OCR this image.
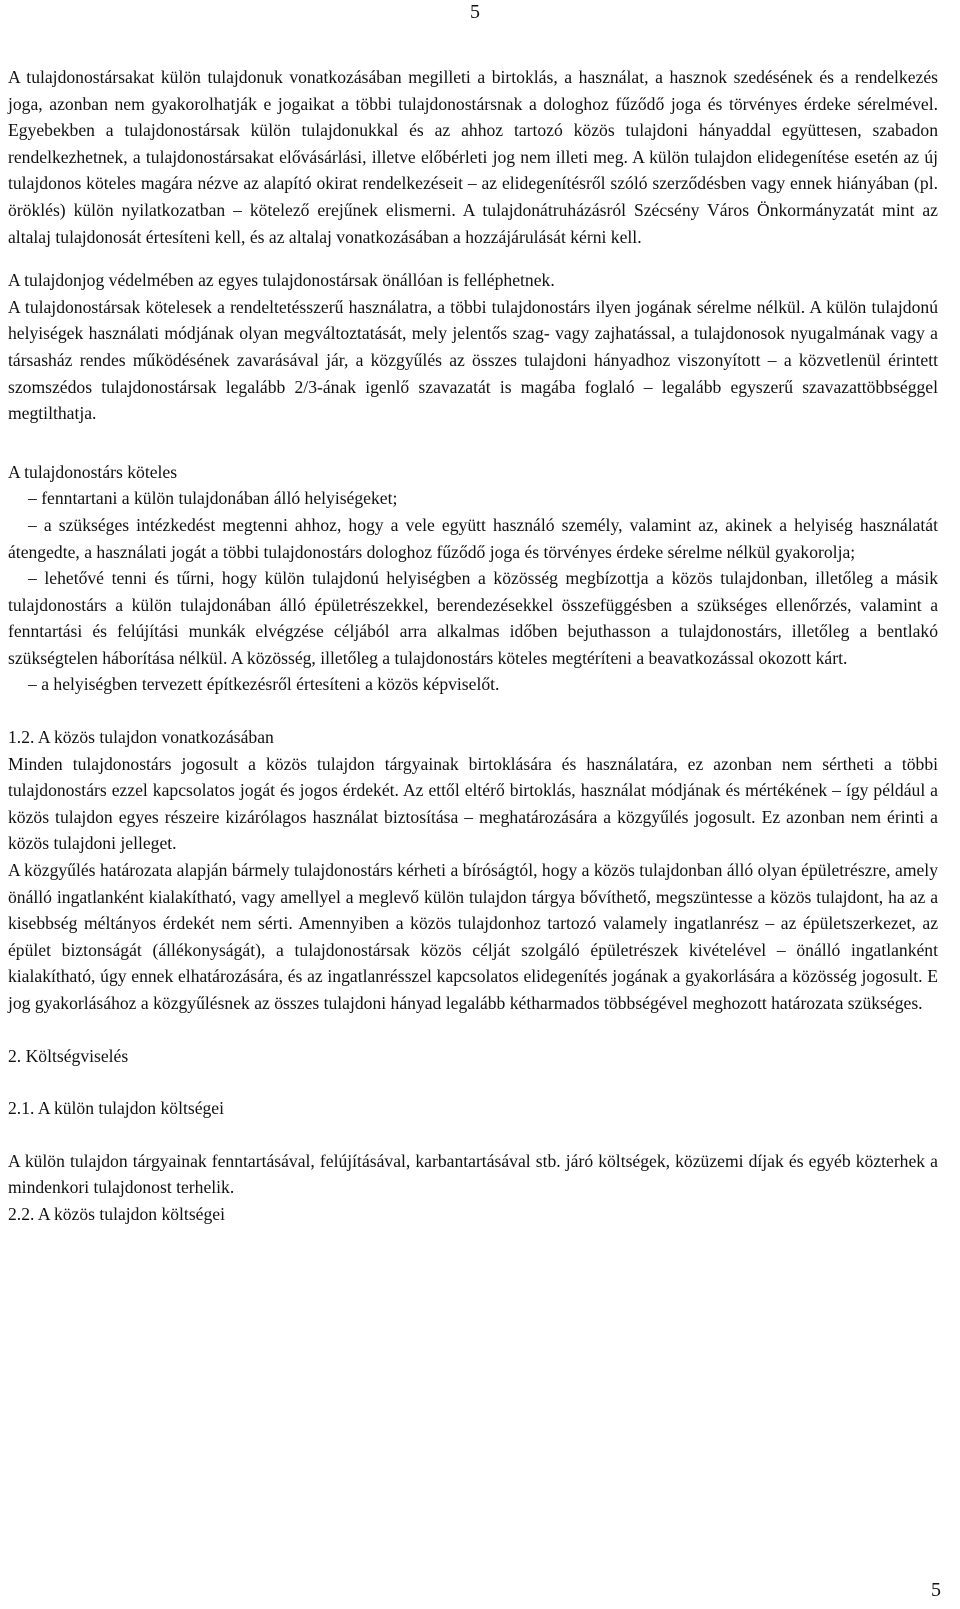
5

A tulajdonostársakat külön tulajdonuk vonatkozásában megilleti a birtoklás, a használat, a hasznok szedésének és a rendelkezés joga, azonban nem gyakorolhatják e jogaikat a többi tulajdonostársnak a dologhoz fűződő joga és törvényes érdeke sérelmével. Egyebekben a tulajdonostársak külön tulajdonukkal és az ahhoz tartozó közös tulajdoni hányaddal együttesen, szabadon rendelkezhetnek, a tulajdonostársakat elővásárlási, illetve előbérleti jog nem illeti meg. A külön tulajdon elidegenítése esetén az új tulajdonos köteles magára nézve az alapító okirat rendelkezéseit – az elidegenítésről szóló szerződésben vagy ennek hiányában (pl. öröklés) külön nyilatkozatban – kötelező erejűnek elismerni. A tulajdonátruházásról Szécsény Város Önkormányzatát mint az altalaj tulajdonosát értesíteni kell, és az altalaj vonatkozásában a hozzájárulását kérni kell.

A tulajdonjog védelmében az egyes tulajdonostársak önállóan is felléphetnek.

A tulajdonostársak kötelesek a rendeltetésszerű használatra, a többi tulajdonostárs ilyen jogának sérelme nélkül. A külön tulajdonú helyiségek használati módjának olyan megváltoztatását, mely jelentős szag- vagy zajhatással, a tulajdonosok nyugalmának vagy a társasház rendes működésének zavarásával jár, a közgyűlés az összes tulajdoni hányadhoz viszonyított – a közvetlenül érintett szomszédos tulajdonostársak legalább 2/3-ának igenlő szavazatát is magába foglaló – legalább egyszerű szavazattöbbséggel megtilthatja.

A tulajdonostárs köteles

– fenntartani a külön tulajdonában álló helyiségeket;

– a szükséges intézkedést megtenni ahhoz, hogy a vele együtt használó személy, valamint az, akinek a helyiség használatát átengedte, a használati jogát a többi tulajdonostárs dologhoz fűződő joga és törvényes érdeke sérelme nélkül gyakorolja;

– lehetővé tenni és tűrni, hogy külön tulajdonú helyiségben a közösség megbízottja a közös tulajdonban, illetőleg a másik tulajdonostárs a külön tulajdonában álló épületrészekkel, berendezésekkel összefüggésben a szükséges ellenőrzés, valamint a fenntartási és felújítási munkák elvégzése céljából arra alkalmas időben bejuthasson a tulajdonostárs, illetőleg a bentlakó szükségtelen háborítása nélkül. A közösség, illetőleg a tulajdonostárs köteles megtéríteni a beavatkozással okozott kárt.

– a helyiségben tervezett építkezésről értesíteni a közös képviselőt.

1.2. A közös tulajdon vonatkozásában

Minden tulajdonostárs jogosult a közös tulajdon tárgyainak birtoklására és használatára, ez azonban nem sértheti a többi tulajdonostárs ezzel kapcsolatos jogát és jogos érdekét. Az ettől eltérő birtoklás, használat módjának és mértékének – így például a közös tulajdon egyes részeire kizárólagos használat biztosítása – meghatározására a közgyűlés jogosult. Ez azonban nem érinti a közös tulajdoni jelleget.

A közgyűlés határozata alapján bármely tulajdonostárs kérheti a bíróságtól, hogy a közös tulajdonban álló olyan épületrészre, amely önálló ingatlanként kialakítható, vagy amellyel a meglevő külön tulajdon tárgya bővíthető, megszüntesse a közös tulajdont, ha az a kisebbség méltányos érdekét nem sérti. Amennyiben a közös tulajdonhoz tartozó valamely ingatlanrész – az épületszerkezet, az épület biztonságát (állékonyságát), a tulajdonostársak közös célját szolgáló épületrészek kivételével – önálló ingatlanként kialakítható, úgy ennek elhatározására, és az ingatlanrésszel kapcsolatos elidegenítés jogának a gyakorlására a közösség jogosult. E jog gyakorlásához a közgyűlésnek az összes tulajdoni hányad legalább kétharmados többségével meghozott határozata szükséges.

2. Költségviselés

2.1. A külön tulajdon költségei

A külön tulajdon tárgyainak fenntartásával, felújításával, karbantartásával stb. járó költségek, közüzemi díjak és egyéb közterhek a mindenkori tulajdonost terhelik.

2.2. A közös tulajdon költségei

5
